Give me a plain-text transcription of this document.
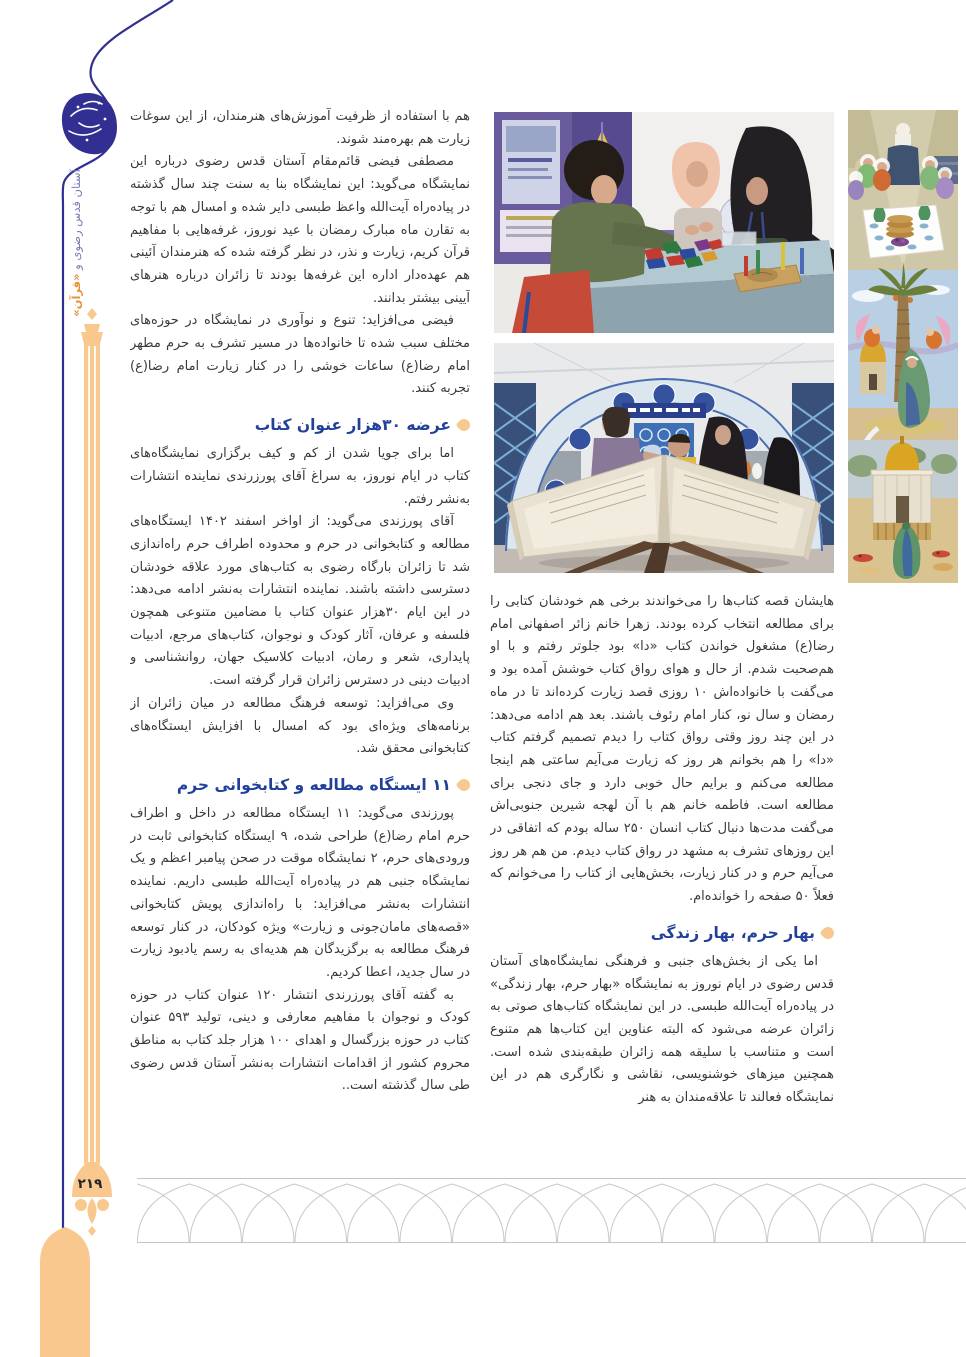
آستان قدس رضوی و «قرآن»
۲۱۹

هم با استفاده از ظرفیت آموزش‌های هنرمندان، از این سوغات زیارت هم بهره‌مند شوند.

مصطفی فیضی قائم‌مقام آستان قدس رضوی درباره این نمایشگاه می‌گوید: این نمایشگاه بنا به سنت چند سال گذشته در پیاده‌راه آیت‌الله واعظ طبسی دایر شده و امسال هم با توجه به تقارن ماه مبارک رمضان با عید نوروز، غرفه‌هایی با مفاهیم قرآن کریم، زیارت و نذر، در نظر گرفته شده که هنرمندان آئینی هم عهده‌دار اداره این غرفه‌ها بودند تا زائران درباره هنرهای آیینی بیشتر بدانند.

فیضی می‌افزاید: تنوع و نوآوری در نمایشگاه در حوزه‌های مختلف سبب شده تا خانواده‌ها در مسیر تشرف به حرم مطهر امام رضا(ع) ساعات خوشی را در کنار زیارت امام رضا(ع) تجربه کنند.

عرضه ۳۰هزار عنوان کتاب

اما برای جویا شدن از کم و کیف برگزاری نمایشگاه‌های کتاب در ایام نوروز، به سراغ آقای پورزرندی نماینده انتشارات به‌نشر رفتم.

آقای پورزندی می‌گوید: از اواخر اسفند ۱۴۰۲ ایستگاه‌های مطالعه و کتابخوانی در حرم و محدوده اطراف حرم راه‌اندازی شد تا زائران بارگاه رضوی به کتاب‌های مورد علاقه خودشان دسترسی داشته باشند. نماینده انتشارات به‌نشر ادامه می‌دهد: در این ایام ۳۰هزار عنوان کتاب با مضامین متنوعی همچون فلسفه و عرفان، آثار کودک و نوجوان، کتاب‌های مرجع، ادبیات پایداری، شعر و رمان، ادبیات کلاسیک جهان، روانشناسی و ادبیات دینی در دسترس زائران قرار گرفته است.

وی می‌افزاید: توسعه فرهنگ مطالعه در میان زائران از برنامه‌های ویژه‌ای بود که امسال با افزایش ایستگاه‌های کتابخوانی محقق شد.

۱۱ ایستگاه مطالعه و کتابخوانی حرم

پورزندی می‌گوید: ۱۱ ایستگاه مطالعه در داخل و اطراف حرم امام رضا(ع) طراحی شده، ۹ ایستگاه کتابخوانی ثابت در ورودی‌های حرم، ۲ نمایشگاه موقت در صحن پیامبر اعظم و یک نمایشگاه جنبی هم در پیاده‌راه آیت‌الله طبسی داریم. نماینده انتشارات به‌نشر می‌افزاید: با راه‌اندازی پویش کتابخوانی «قصه‌های مامان‌جونی و زیارت» ویژه کودکان، در کنار توسعه فرهنگ مطالعه به برگزیدگان هم هدیه‌ای به رسم یادبود زیارت در سال جدید، اعطا کردیم.

به گفته آقای پورزرندی انتشار ۱۲۰ عنوان کتاب در حوزه کودک و نوجوان با مفاهیم معارفی و دینی، تولید ۵۹۳ عنوان کتاب در حوزه بزرگسال و اهدای ۱۰۰ هزار جلد کتاب به مناطق محروم کشور از اقدامات انتشارات به‌نشر آستان قدس رضوی طی سال گذشته است..

هایشان قصه کتاب‌ها را می‌خواندند برخی هم خودشان کتابی را برای مطالعه انتخاب کرده بودند. زهرا خانم زائر اصفهانی امام رضا(ع) مشغول خواندن کتاب «دا» بود جلوتر رفتم و با او هم‌صحبت شدم. از حال و هوای رواق کتاب خوشش آمده بود و می‌گفت با خانواده‌اش ۱۰ روزی قصد زیارت کرده‌اند تا در ماه رمضان و سال نو، کنار امام رئوف باشند. بعد هم ادامه می‌دهد: در این چند روز وقتی رواق کتاب را دیدم تصمیم گرفتم کتاب «دا» را هم بخوانم هر روز که زیارت می‌آیم ساعتی هم اینجا مطالعه می‌کنم و برایم حال خوبی دارد و جای دنجی برای مطالعه است. فاطمه خانم هم با آن لهجه شیرین جنوبی‌اش می‌گفت مدت‌ها دنبال کتاب انسان ۲۵۰ ساله بودم که اتفاقی در این روزهای تشرف به مشهد در رواق کتاب دیدم. من هم هر روز می‌آیم حرم و در کنار زیارت، بخش‌هایی از کتاب را می‌خوانم که فعلاً ۵۰ صفحه را خوانده‌ام.

بهار حرم، بهار زندگی

اما یکی از بخش‌های جنبی و فرهنگی نمایشگاه‌های آستان قدس رضوی در ایام نوروز به نمایشگاه «بهار حرم، بهار زندگی» در پیاده‌راه آیت‌الله طبسی. در این نمایشگاه کتاب‌های صوتی به زائران عرضه می‌شود که البته عناوین این کتاب‌ها هم متنوع است و متناسب با سلیقه همه زائران طبقه‌بندی شده است. همچنین میزهای خوشنویسی، نقاشی و نگارگری هم در این نمایشگاه فعالند تا علاقه‌مندان به هنر
